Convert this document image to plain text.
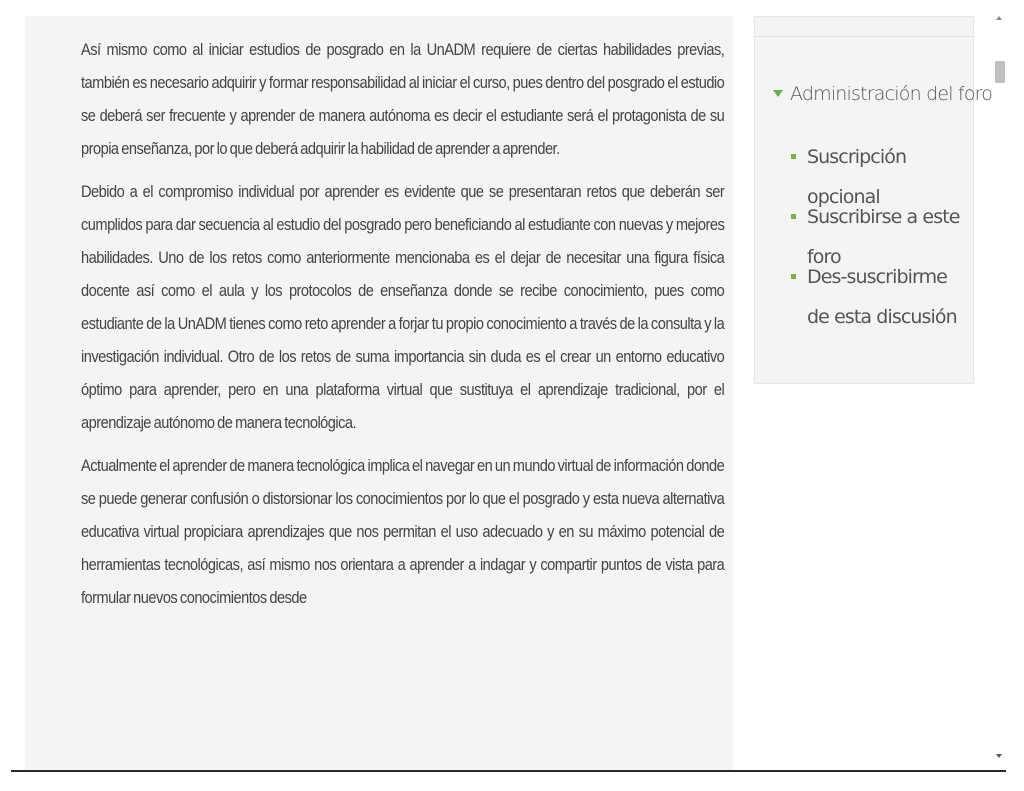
Así mismo como al iniciar estudios de posgrado en la UnADM requiere de ciertas habilidades previas, también es necesario adquirir y formar responsabilidad al iniciar el curso, pues dentro del posgrado el estudio se deberá ser frecuente y aprender de manera autónoma es decir el estudiante será el protagonista de su propia enseñanza, por lo que deberá adquirir la habilidad de aprender a aprender.

Debido a el compromiso individual por aprender es evidente que se presentaran retos que deberán ser cumplidos para dar secuencia al estudio del posgrado pero beneficiando al estudiante con nuevas y mejores habilidades. Uno de los retos como anteriormente mencionaba es el dejar de necesitar una figura física docente así como el aula y los protocolos de enseñanza donde se recibe conocimiento, pues como estudiante de la UnADM tienes como reto aprender a forjar tu propio conocimiento a través de la consulta y la investigación individual. Otro de los retos de suma importancia sin duda es el crear un entorno educativo óptimo para aprender, pero en una plataforma virtual que sustituya el aprendizaje tradicional, por el aprendizaje autónomo de manera tecnológica.

Actualmente el aprender de manera tecnológica implica el navegar en un mundo virtual de información donde se puede generar confusión o distorsionar los conocimientos por lo que el posgrado y esta nueva alternativa educativa virtual propiciara aprendizajes que nos permitan el uso adecuado y en su máximo potencial de herramientas tecnológicas, así mismo nos orientara a aprender a indagar y compartir puntos de vista para formular nuevos conocimientos desde

Administración del foro
Suscripción opcional
Suscribirse a este foro
Des-suscribirme de esta discusión
